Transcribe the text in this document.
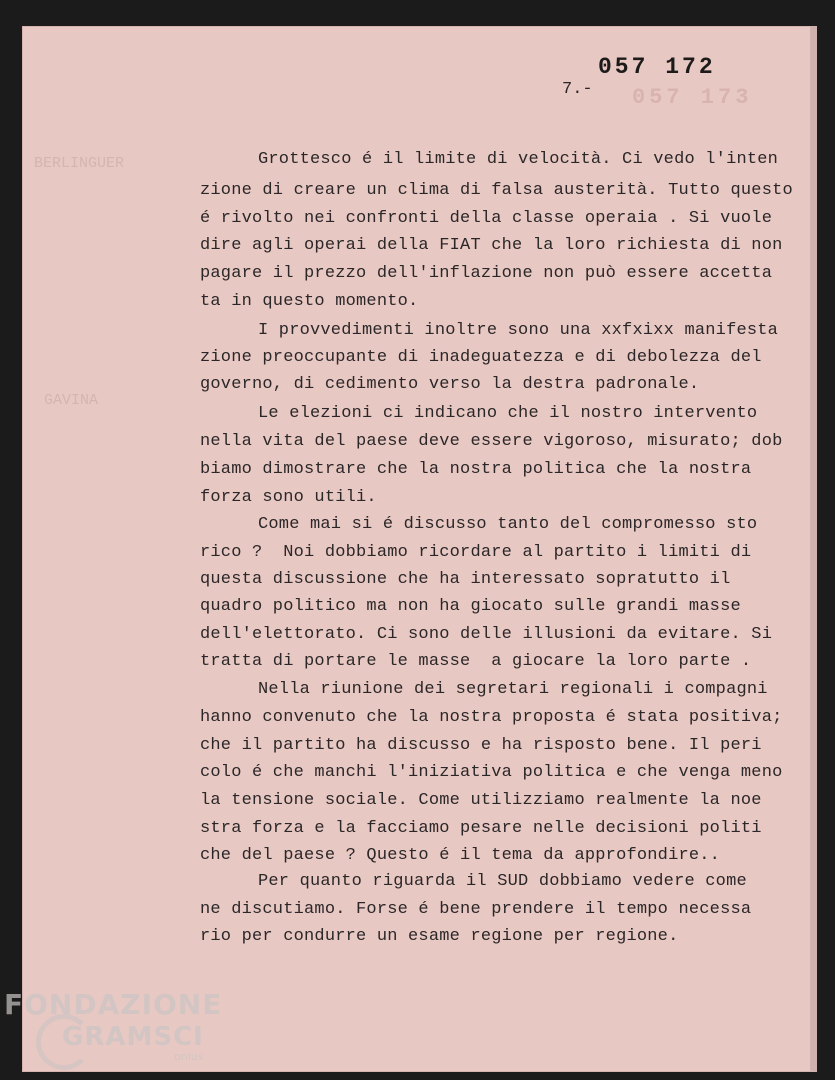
057 173
7.-
057 172
BERLINGUER
GAVINA
Grottesco é il limite di velocità. Ci vedo l'inten
zione di creare un clima di falsa austerità. Tutto questo
é rivolto nei confronti della classe operaia . Si vuole
dire agli operai della FIAT che la loro richiesta di non
pagare il prezzo dell'inflazione non può essere accetta
ta in questo momento.
I provvedimenti inoltre sono una xxfxixx manifesta
zione preoccupante di inadeguatezza e di debolezza del
governo, di cedimento verso la destra padronale.
Le elezioni ci indicano che il nostro intervento
nella vita del paese deve essere vigoroso, misurato; dob
biamo dimostrare che la nostra politica che la nostra
forza sono utili.
Come mai si é discusso tanto del compromesso sto
rico ?  Noi dobbiamo ricordare al partito i limiti di
questa discussione che ha interessato sopratutto il
quadro politico ma non ha giocato sulle grandi masse
dell'elettorato. Ci sono delle illusioni da evitare. Si
tratta di portare le masse  a giocare la loro parte .
Nella riunione dei segretari regionali i compagni
hanno convenuto che la nostra proposta é stata positiva;
che il partito ha discusso e ha risposto bene. Il peri
colo é che manchi l'iniziativa politica e che venga meno
la tensione sociale. Come utilizziamo realmente la noe
stra forza e la facciamo pesare nelle decisioni politi
che del paese ? Questo é il tema da approfondire..
Per quanto riguarda il SUD dobbiamo vedere come
ne discutiamo. Forse é bene prendere il tempo necessa
rio per condurre un esame regione per regione.
FONDAZIONE
GRAMSCI
onlus
